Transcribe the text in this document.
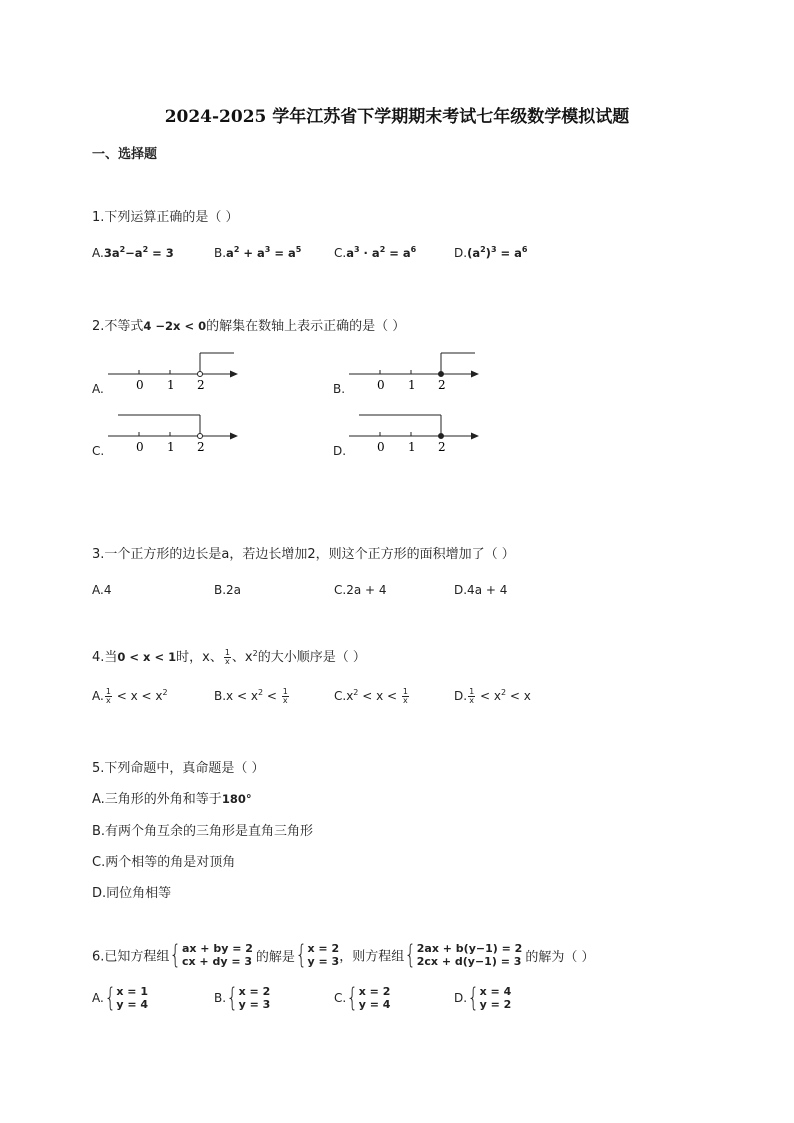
2024-2025 学年江苏省下学期期末考试七年级数学模拟试题
一、选择题
1.下列运算正确的是（ ）
$A.3a^2-a^2 = 3$	$B.a^2 + a^3 = a^5$	$C.a^3 \cdot a^2 = a^6$	$D.(a^2)^3 = a^6$
2.不等式4 −2x < 0的解集在数轴上表示正确的是（ ）
A.	0 1 2	B.	0 1 2
C.	0 1 2	D.	0 1 2
3.一个正方形的边长是a，若边长增加2，则这个正方形的面积增加了（ ）
A.4	B.2a	C.2a + 4	D.4a + 4
4.当0 < x < 1时，x、 $\frac{1}{x}$ 、$x^2$的大小顺序是（ ）
A. $\frac{1}{x} < x < x^2$	$B.x < x^2 < \frac{1}{x}$	$C.x^2 < x < \frac{1}{x}$	D. $\frac{1}{x} < x^2 < x$
5.下列命题中，真命题是（ ）
A.三角形的外角和等于180°
B.有两个角互余的三角形是直角三角形
C.两个相等的角是对顶角
D.同位角相等
6.已知方程组{ ax + by = 2
cx + dy = 3 的解是{ x = 2
y = 3 ，则方程组{ 2ax + b(y−1) = 2
2cx + d(y−1) = 3 的解为（ ）
A.{ x = 1
y = 4	B.{ x = 2
y = 3	C.{ x = 2
y = 4	D.{ x = 4
y = 2
